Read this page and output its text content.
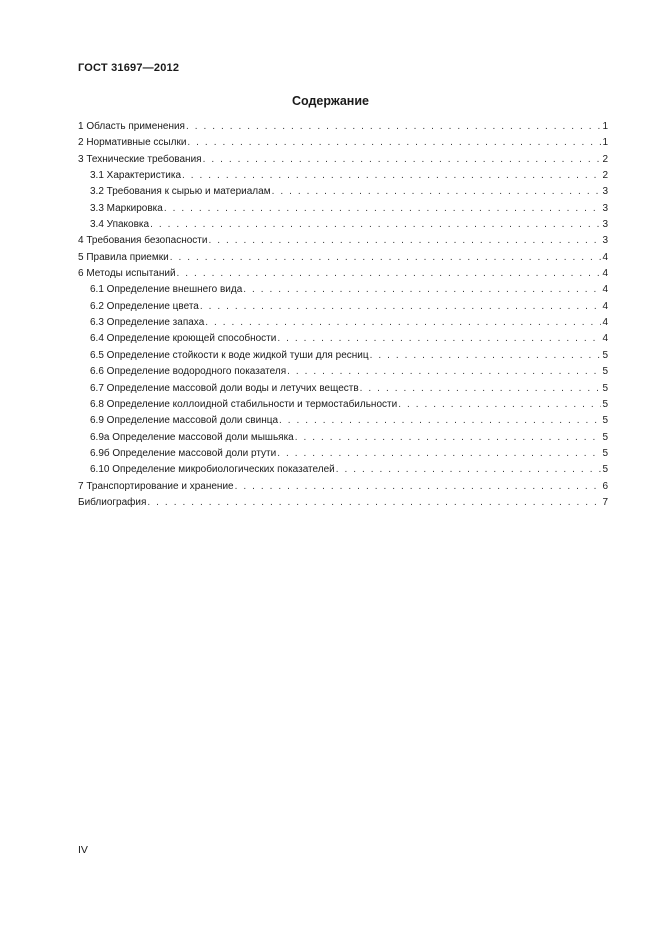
ГОСТ 31697—2012
Содержание
1 Область применения . . .	1
2 Нормативные ссылки . . .	1
3 Технические требования . . .	2
3.1 Характеристика . . .	2
3.2 Требования к сырью и материалам . . .	3
3.3 Маркировка . . .	3
3.4 Упаковка . . .	3
4 Требования безопасности . . .	3
5 Правила приемки . . .	4
6 Методы испытаний . . .	4
6.1 Определение внешнего вида . . .	4
6.2 Определение цвета . . .	4
6.3 Определение запаха . . .	4
6.4 Определение кроющей способности . . .	4
6.5 Определение стойкости к воде жидкой туши для ресниц . . .	5
6.6 Определение водородного показателя . . .	5
6.7 Определение массовой доли воды и летучих веществ . . .	5
6.8 Определение коллоидной стабильности и термостабильности . . .	5
6.9 Определение массовой доли свинца . . .	5
6.9а Определение массовой доли мышьяка . . .	5
6.9б Определение массовой доли ртути . . .	5
6.10 Определение микробиологических показателей . . .	5
7 Транспортирование и хранение . . .	6
Библиография . . .	7
IV
